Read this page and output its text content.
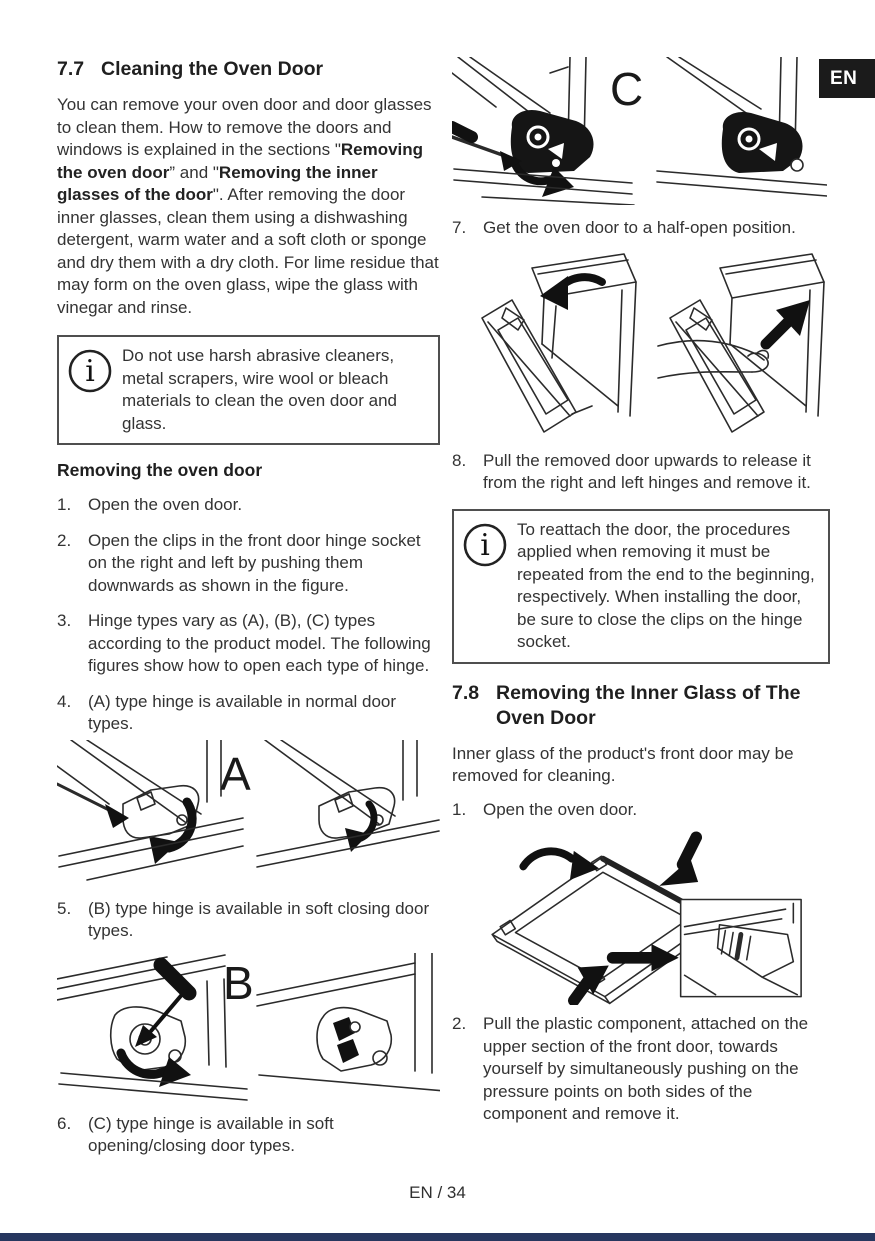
EN
7.7 Cleaning the Oven Door

You can remove your oven door and door glasses to clean them. How to remove the doors and windows is explained in the sections "Removing the oven door” and "Removing the inner glasses of the door". After removing the door inner glasses, clean them using a dishwashing detergent, warm water and a soft cloth or sponge and dry them with a dry cloth. For lime residue that may form on the oven glass, wipe the glass with vinegar and rinse.

i Do not use harsh abrasive cleaners, metal scrapers, wire wool or bleach materials to clean the oven door and glass.
Removing the oven door
1. Open the oven door.
2. Open the clips in the front door hinge socket on the right and left by pushing them downwards as shown in the figure.
3. Hinge types vary as (A), (B), (C) types according to the product model. The following figures show how to open each type of hinge.
4. (A) type hinge is available in normal door types.
A
5. (B) type hinge is available in soft closing door types.
B
6. (C) type hinge is available in soft opening/closing door types.
C
7. Get the oven door to a half-open position.
8. Pull the removed door upwards to release it from the right and left hinges and remove it.
i To reattach the door, the procedures applied when removing it must be repeated from the end to the beginning, respectively. When installing the door, be sure to close the clips on the hinge socket.
7.8 Removing the Inner Glass of The Oven Door

Inner glass of the product's front door may be removed for cleaning.

1. Open the oven door.
2. Pull the plastic component, attached on the upper section of the front door, towards yourself by simultaneously pushing on the pressure points on both sides of the component and remove it.
EN / 34
